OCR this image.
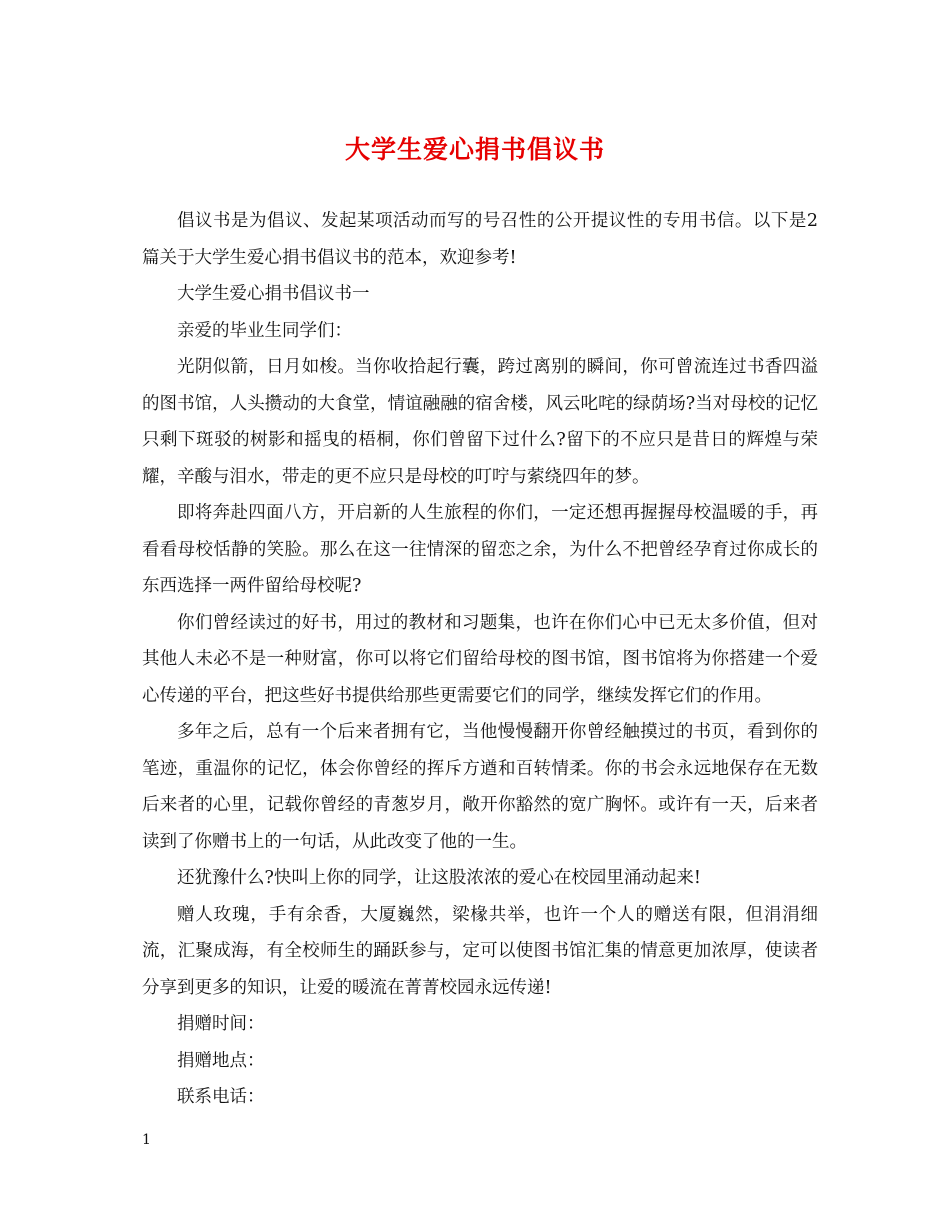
大学生爱心捐书倡议书

倡议书是为倡议、发起某项活动而写的号召性的公开提议性的专用书信。以下是2篇关于大学生爱心捐书倡议书的范本，欢迎参考!

大学生爱心捐书倡议书一

亲爱的毕业生同学们：

光阴似箭，日月如梭。当你收拾起行囊，跨过离别的瞬间，你可曾流连过书香四溢的图书馆，人头攒动的大食堂，情谊融融的宿舍楼，风云叱咤的绿荫场?当对母校的记忆只剩下斑驳的树影和摇曳的梧桐，你们曾留下过什么?留下的不应只是昔日的辉煌与荣耀，辛酸与泪水，带走的更不应只是母校的叮咛与萦绕四年的梦。

即将奔赴四面八方，开启新的人生旅程的你们，一定还想再握握母校温暖的手，再看看母校恬静的笑脸。那么在这一往情深的留恋之余，为什么不把曾经孕育过你成长的东西选择一两件留给母校呢?

你们曾经读过的好书，用过的教材和习题集，也许在你们心中已无太多价值，但对其他人未必不是一种财富，你可以将它们留给母校的图书馆，图书馆将为你搭建一个爱心传递的平台，把这些好书提供给那些更需要它们的同学，继续发挥它们的作用。

多年之后，总有一个后来者拥有它，当他慢慢翻开你曾经触摸过的书页，看到你的笔迹，重温你的记忆，体会你曾经的挥斥方遒和百转情柔。你的书会永远地保存在无数后来者的心里，记载你曾经的青葱岁月，敞开你豁然的宽广胸怀。或许有一天，后来者读到了你赠书上的一句话，从此改变了他的一生。

还犹豫什么?快叫上你的同学，让这股浓浓的爱心在校园里涌动起来!

赠人玫瑰，手有余香，大厦巍然，梁椽共举，也许一个人的赠送有限，但涓涓细流，汇聚成海，有全校师生的踊跃参与，定可以使图书馆汇集的情意更加浓厚，使读者分享到更多的知识，让爱的暖流在菁菁校园永远传递!

捐赠时间：

捐赠地点：

联系电话：

1
